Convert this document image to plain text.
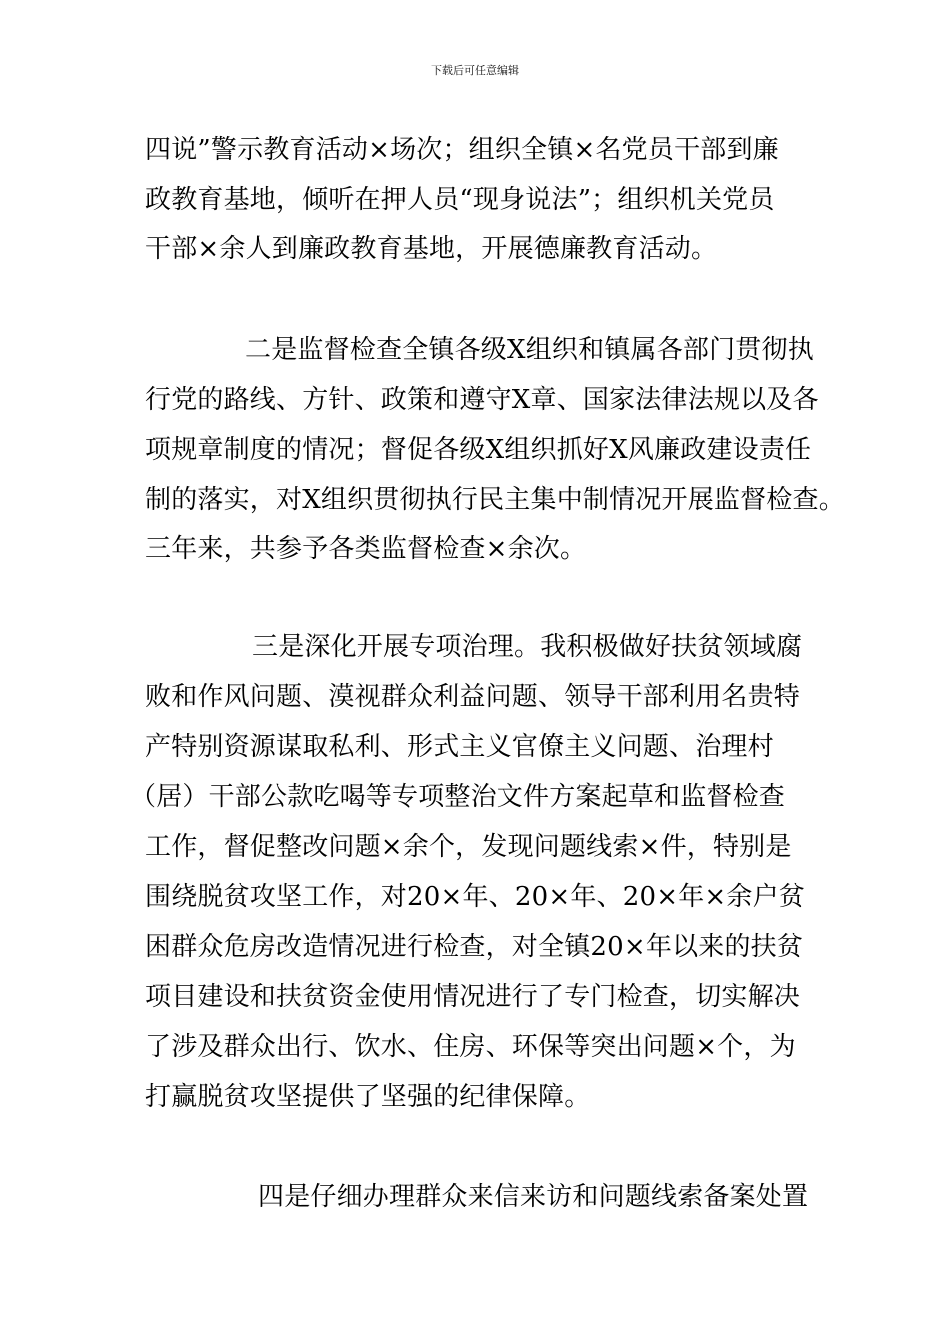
下载后可任意编辑
四说”警示教育活动×场次；组织全镇×名党员干部到廉
政教育基地，倾听在押人员“现身说法”；组织机关党员
干部×余人到廉政教育基地，开展德廉教育活动。
二是监督检查全镇各级X组织和镇属各部门贯彻执
行党的路线、方针、政策和遵守X章、国家法律法规以及各
项规章制度的情况；督促各级X组织抓好X风廉政建设责任
制的落实，对X组织贯彻执行民主集中制情况开展监督检查。
三年来，共参予各类监督检查×余次。
三是深化开展专项治理。我积极做好扶贫领域腐
败和作风问题、漠视群众利益问题、领导干部利用名贵特
产特别资源谋取私利、形式主义官僚主义问题、治理村
（居）干部公款吃喝等专项整治文件方案起草和监督检查
工作，督促整改问题×余个，发现问题线索×件，特别是
围绕脱贫攻坚工作，对20×年、20×年、20×年×余户贫
困群众危房改造情况进行检查，对全镇20×年以来的扶贫
项目建设和扶贫资金使用情况进行了专门检查，切实解决
了涉及群众出行、饮水、住房、环保等突出问题×个，为
打赢脱贫攻坚提供了坚强的纪律保障。
四是仔细办理群众来信来访和问题线索备案处置
